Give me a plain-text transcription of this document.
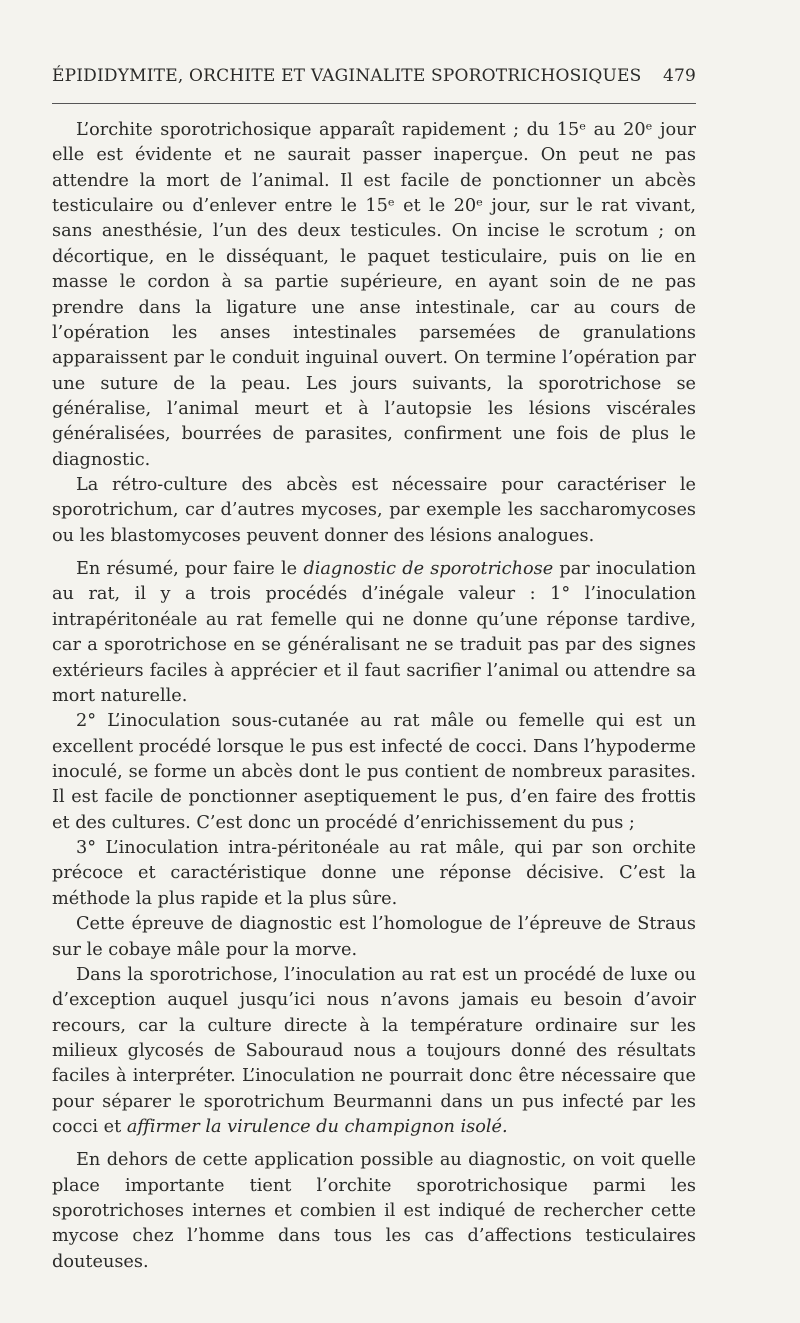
ÉPIDIDYMITE, ORCHITE ET VAGINALITE SPOROTRICHOSIQUES 479

L’orchite sporotrichosique apparaît rapidement ; du 15ᵉ au 20ᵉ jour elle est évidente et ne saurait passer inaperçue. On peut ne pas attendre la mort de l’animal. Il est facile de ponctionner un abcès testiculaire ou d’enlever entre le 15ᵉ et le 20ᵉ jour, sur le rat vivant, sans anesthésie, l’un des deux testicules. On incise le scrotum ; on décortique, en le disséquant, le paquet testiculaire, puis on lie en masse le cordon à sa partie supérieure, en ayant soin de ne pas prendre dans la ligature une anse intestinale, car au cours de l’opération les anses intestinales parsemées de granulations apparaissent par le conduit inguinal ouvert. On termine l’opération par une suture de la peau. Les jours suivants, la sporotrichose se généralise, l’animal meurt et à l’autopsie les lésions viscérales généralisées, bourrées de parasites, confirment une fois de plus le diagnostic.

La rétro-culture des abcès est nécessaire pour caractériser le sporotrichum, car d’autres mycoses, par exemple les saccharomycoses ou les blastomycoses peuvent donner des lésions analogues.

En résumé, pour faire le diagnostic de sporotrichose par inoculation au rat, il y a trois procédés d’inégale valeur : 1° l’inoculation intrapéritonéale au rat femelle qui ne donne qu’une réponse tardive, car a sporotrichose en se généralisant ne se traduit pas par des signes extérieurs faciles à apprécier et il faut sacrifier l’animal ou attendre sa mort naturelle.

2° L’inoculation sous-cutanée au rat mâle ou femelle qui est un excellent procédé lorsque le pus est infecté de cocci. Dans l’hypoderme inoculé, se forme un abcès dont le pus contient de nombreux parasites. Il est facile de ponctionner aseptiquement le pus, d’en faire des frottis et des cultures. C’est donc un procédé d’enrichissement du pus ;

3° L’inoculation intra-péritonéale au rat mâle, qui par son orchite précoce et caractéristique donne une réponse décisive. C’est la méthode la plus rapide et la plus sûre.

Cette épreuve de diagnostic est l’homologue de l’épreuve de Straus sur le cobaye mâle pour la morve.

Dans la sporotrichose, l’inoculation au rat est un procédé de luxe ou d’exception auquel jusqu’ici nous n’avons jamais eu besoin d’avoir recours, car la culture directe à la température ordinaire sur les milieux glycosés de Sabouraud nous a toujours donné des résultats faciles à interpréter. L’inoculation ne pourrait donc être nécessaire que pour séparer le sporotrichum Beurmanni dans un pus infecté par les cocci et affirmer la virulence du champignon isolé.

En dehors de cette application possible au diagnostic, on voit quelle place importante tient l’orchite sporotrichosique parmi les sporotrichoses internes et combien il est indiqué de rechercher cette mycose chez l’homme dans tous les cas d’affections testiculaires douteuses.
